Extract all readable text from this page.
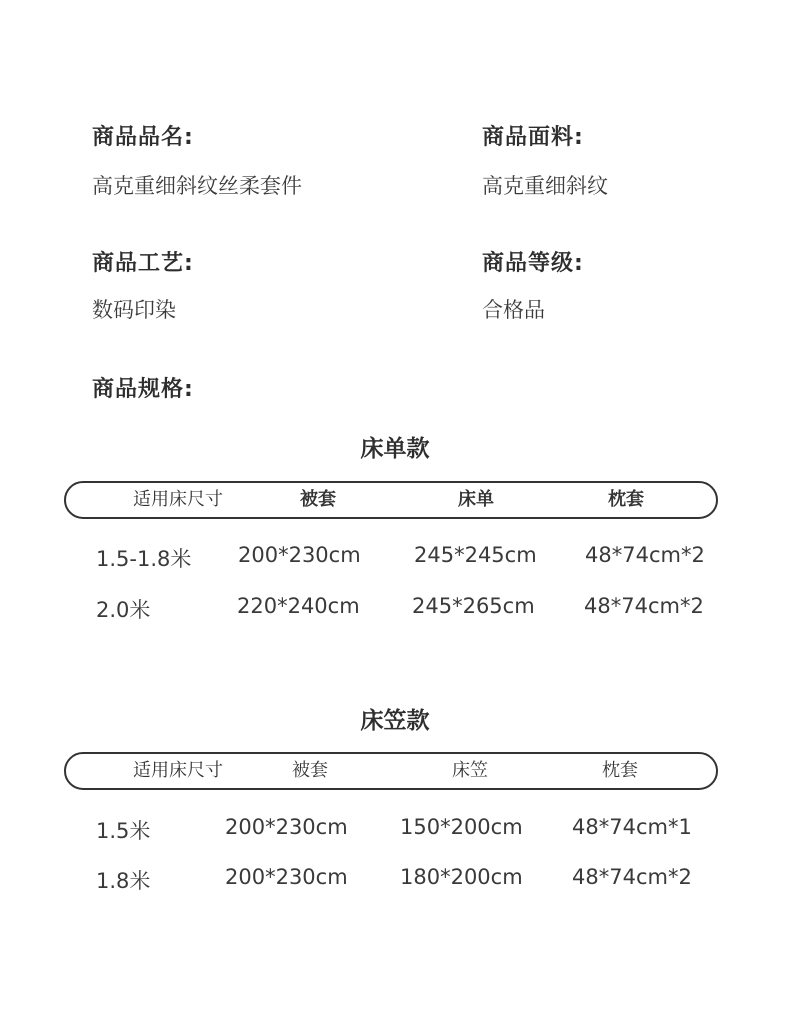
商品品名:
高克重细斜纹丝柔套件
商品面料:
高克重细斜纹
商品工艺:
数码印染
商品等级:
合格品
商品规格:
床单款
适用床尺寸	被套	床单	枕套
1.5-1.8米 200*230cm	245*245cm 48*74cm*2
2.0米	220*240cm 245*265cm 48*74cm*2
床笠款
适用床尺寸	被套	床笠	枕套
1.5米	200*230cm 150*200cm 48*74cm*1
1.8米	200*230cm 180*200cm 48*74cm*2
